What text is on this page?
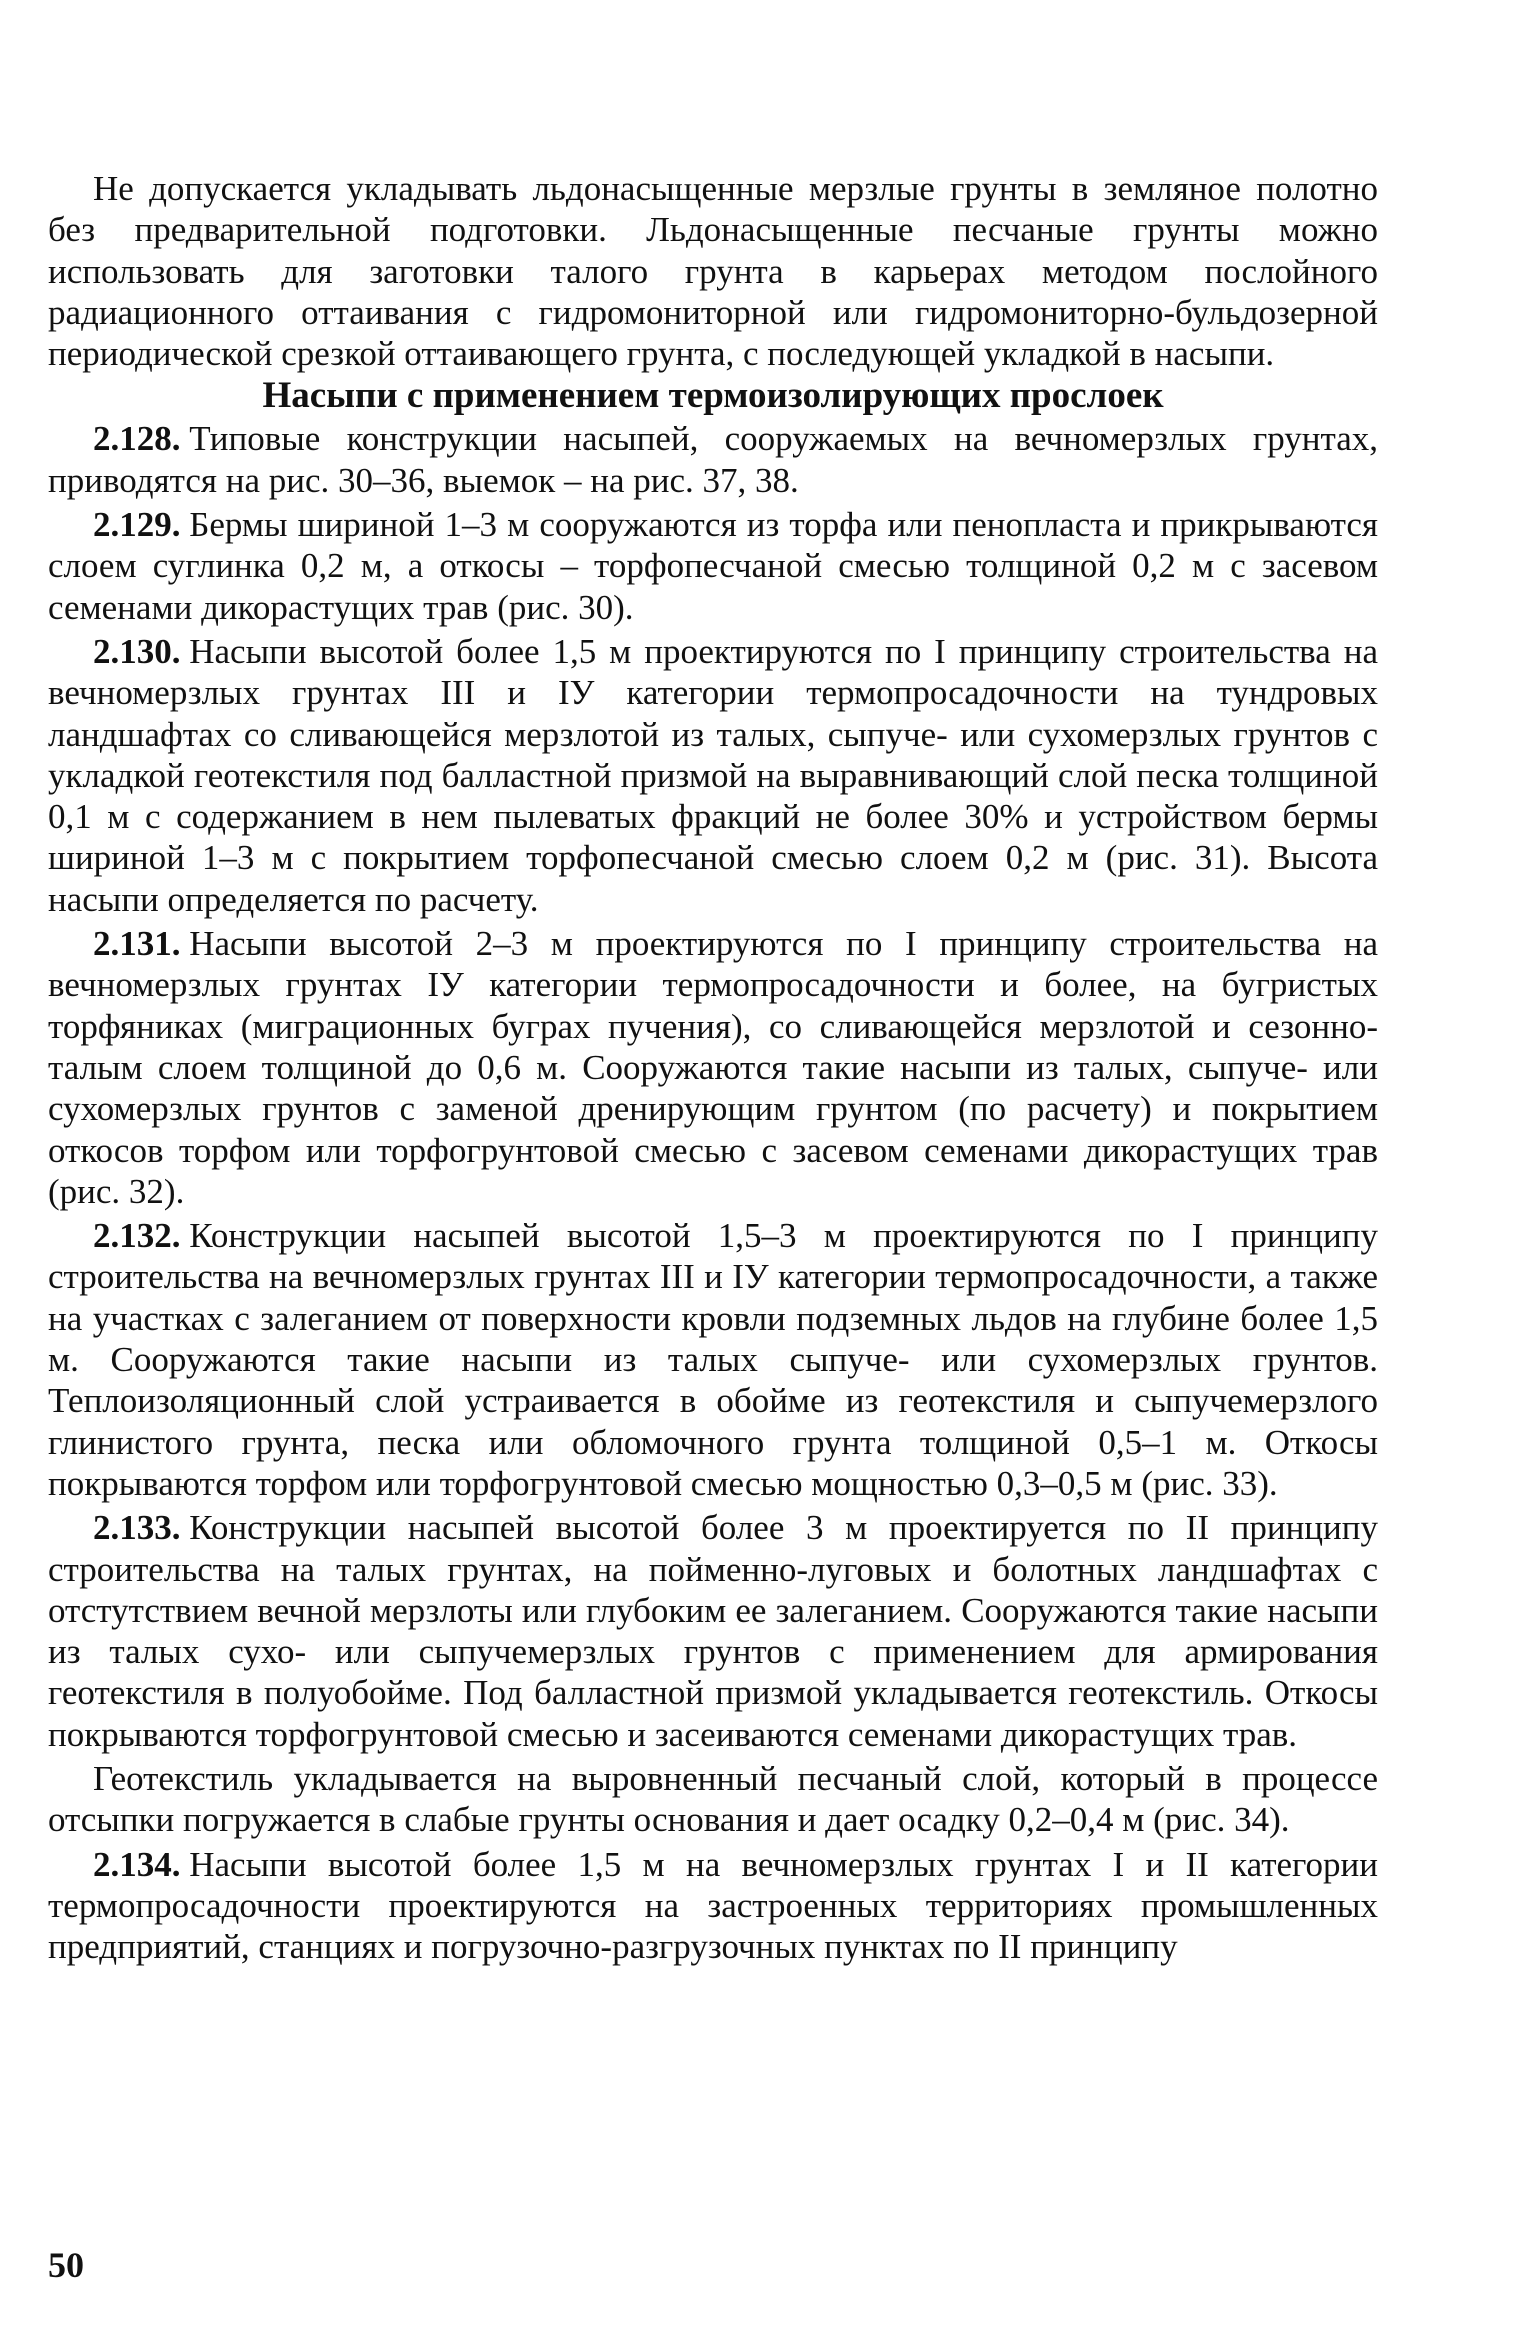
Не допускается укладывать льдонасыщенные мерзлые грунты в земляное полотно без предварительной подготовки. Льдонасыщенные песчаные грунты можно использовать для заготовки талого грунта в карьерах методом послойного радиационного оттаивания с гидромониторной или гидромониторно-бульдозерной периодической срезкой оттаивающего грунта, с последующей укладкой в насыпи.

Насыпи с применением термоизолирующих прослоек

2.128. Типовые конструкции насыпей, сооружаемых на вечномерзлых грунтах, приводятся на рис. 30–36, выемок – на рис. 37, 38.

2.129. Бермы шириной 1–3 м сооружаются из торфа или пенопласта и прикрываются слоем суглинка 0,2 м, а откосы – торфопесчаной смесью толщиной 0,2 м с засевом семенами дикорастущих трав (рис. 30).

2.130. Насыпи высотой более 1,5 м проектируются по I принципу строительства на вечномерзлых грунтах III и IУ категории термопросадочности на тундровых ландшафтах со сливающейся мерзлотой из талых, сыпуче- или сухомерзлых грунтов с укладкой геотекстиля под балластной призмой на выравнивающий слой песка толщиной 0,1 м с содержанием в нем пылеватых фракций не более 30% и устройством бермы шириной 1–3 м с покрытием торфопесчаной смесью слоем 0,2 м (рис. 31). Высота насыпи определяется по расчету.

2.131. Насыпи высотой 2–3 м проектируются по I принципу строительства на вечномерзлых грунтах IУ категории термопросадочности и более, на бугристых торфяниках (миграционных бугpax пучения), со сливающейся мерзлотой и сезонно-талым слоем толщиной до 0,6 м. Сооружаются такие насыпи из талых, сыпуче- или сухомерзлых грунтов с заменой дренирующим грунтом (по расчету) и покрытием откосов торфом или торфогрунтовой смесью с засевом семенами дикорастущих трав (рис. 32).

2.132. Конструкции насыпей высотой 1,5–3 м проектируются по I принципу строительства на вечномерзлых грунтах III и IУ категории термопросадочности, а также на участках с залеганием от поверхности кровли подземных льдов на глубине более 1,5 м. Сооружаются такие насыпи из талых сыпуче- или сухомерзлых грунтов. Теплоизоляционный слой устраивается в обойме из геотекстиля и сыпучемерзлого глинистого грунта, песка или обломочного грунта толщиной 0,5–1 м. Откосы покрываются торфом или торфогрунтовой смесью мощностью 0,3–0,5 м (рис. 33).

2.133. Конструкции насыпей высотой более 3 м проектируется по II принципу строительства на талых грунтах, на пойменно-луговых и болотных ландшафтах с отстутствием вечной мерзлоты или глубоким ее залеганием. Сооружаются такие насыпи из талых сухо- или сыпучемерзлых грунтов с применением для армирования геотекстиля в полуобойме. Под балластной призмой укладывается геотекстиль. Откосы покрываются торфогрунтовой смесью и засеиваются семенами дикорастущих трав.

Геотекстиль укладывается на выровненный песчаный слой, который в процессе отсыпки погружается в слабые грунты основания и дает осадку 0,2–0,4 м (рис. 34).

2.134. Насыпи высотой более 1,5 м на вечномерзлых грунтах I и II категории термопросадочности проектируются на застроенных территориях промышленных предприятий, станциях и погрузочно-разгрузочных пунктах по II принципу

50
